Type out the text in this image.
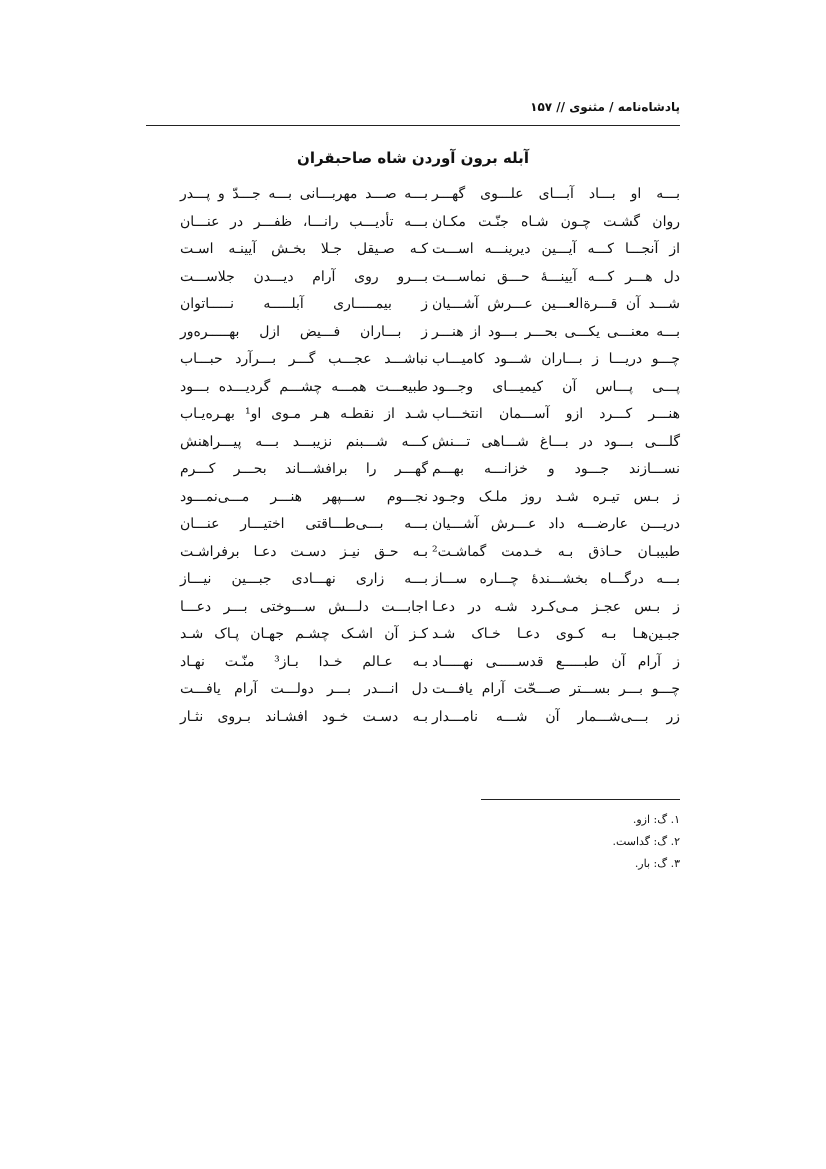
پادشاه‌نامه / مثنوی // ۱۵۷
آبله برون آوردن شاه صاحبقران
بـــه او بـــاد آبـــای علـــوی گهـــر
بـــه صـــد مهربـــانی بـــه جـــدّ و پـــدر
روان گشـت چـون شـاه جنّـت مکـان
بـــه تأدیـــب رانـــا، ظفـــر در عنـــان
از آنجـــا کـــه آیـــین دیرینـــه اســـت
کـه صـیقل جـلا بخـش آیینـه اسـت
دل هـــر کـــه آیینـــهٔ حـــق نماســـت
بـــرو روی آرام دیـــدن جلاســـت
شـــد آن قـــرةالعـــین عـــرش آشـــیان
ز بیمـــــاری آبلـــــه نـــــاتوان
بـــه معنـــی یکـــی بحـــر بـــود از هنـــر
ز بـــاران فـــیض ازل بهـــــره‌ور
چـــو دریـــا ز بـــاران شـــود کامیـــاب
نباشـــد عجـــب گـــر بـــرآرد حبـــاب
پـــی پـــاس آن کیمیـــای وجـــود
طبیعـــت همـــه چشـــم گردیـــده بـــود
هنـــر کـــرد ازو آســـمان انتخـــاب
شـد از نقطـه هـر مـوی او¹ بهـره‌یـاب
گلـــی بـــود در بـــاغ شـــاهی تـــنش
کـــه شـــبنم نزیبـــد بـــه پیـــراهنش
نســـازند جـــود و خزانـــه بهـــم
گهـــر را برافشـــاند بحـــر کـــرم
ز بـس تیـره شـد روز ملـک وجـود
نجـــوم ســـپهر هنـــر مـــی‌نمـــود
دریـــن عارضـــه داد عـــرش آشـــیان
بـــه بـــی‌طـــاقتی اختیـــار عنـــان
طبیبـان حـاذق بـه خـدمت گماشـت²
بـه حـق نیـز دسـت دعـا برفراشـت
بـــه درگـــاه بخشـــندهٔ چـــاره ســـاز
بـــه زاری نهـــادی جبـــین نیـــاز
ز بـس عجـز مـی‌کـرد شـه در دعـا
اجابـــت دلـــش ســـوختی بـــر دعـــا
جبـین‌هـا بـه کـوی دعـا خـاک شـد
کـز آن اشـک چشـم جهـان پـاک شـد
ز آرام آن طبـــــع قدســـــی نهـــــاد
بـه عـالم خـدا بـاز³ منّـت نهـاد
چـــو بـــر بســـتر صـــحّت آرام یافـــت
دل انـــدر بـــر دولـــت آرام یافـــت
زر بـــی‌شـــمار آن شـــه نامـــدار
بـه دسـت خـود افشـاند بـروی نثـار
۱. گ: ازو.
۲. گ: گداست.
۳. گ: بار.
